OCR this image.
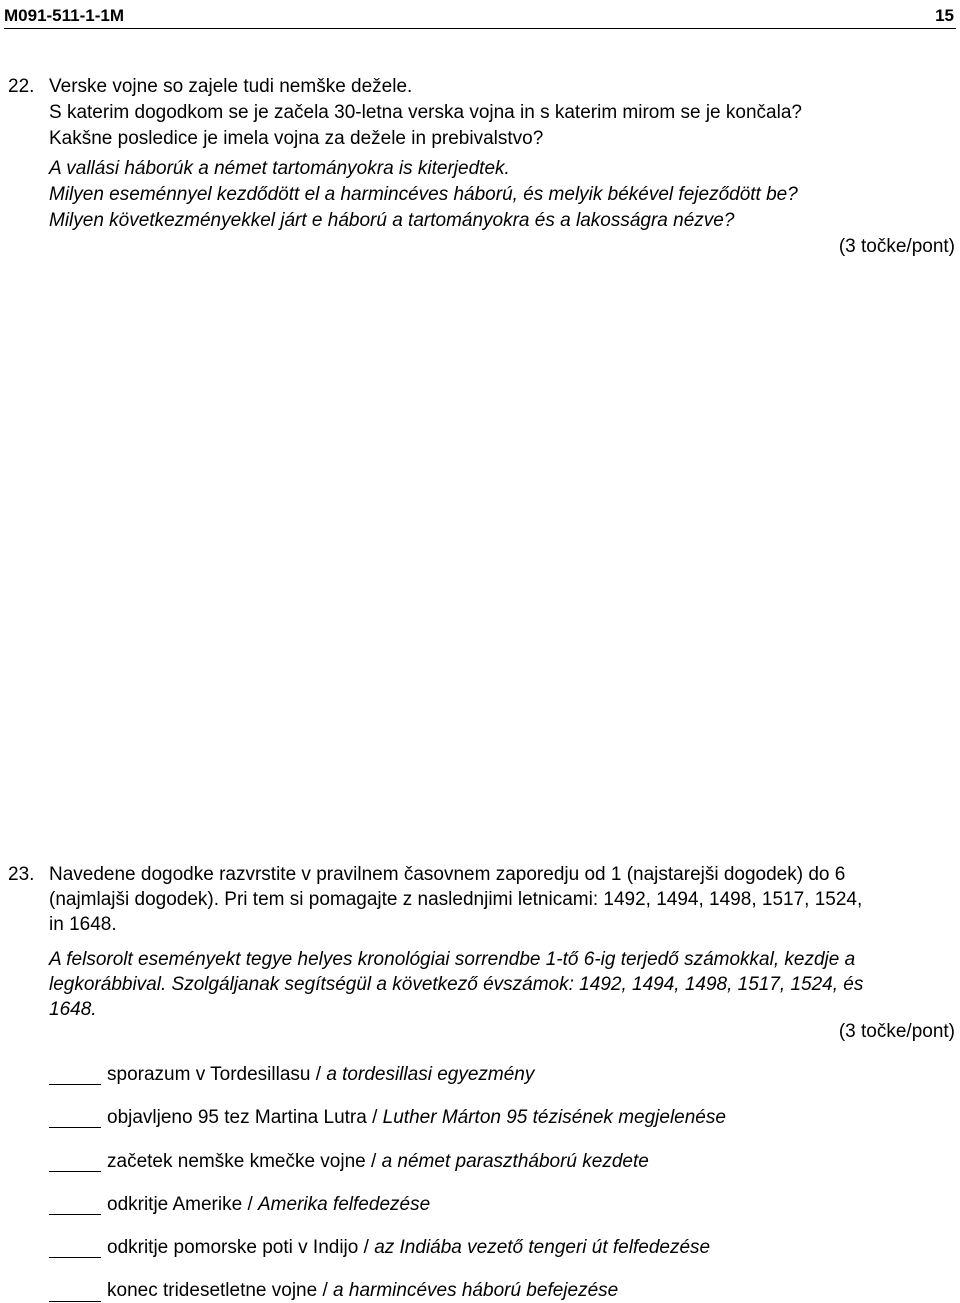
M091-511-1-1M	15
22. Verske vojne so zajele tudi nemške dežele.
S katerim dogodkom se je začela 30-letna verska vojna in s katerim mirom se je končala?
Kakšne posledice je imela vojna za dežele in prebivalstvo?
A vallási háborúk a német tartományokra is kiterjedtek.
Milyen eseménnyel kezdődött el a harmincéves háború, és melyik békével fejeződött be?
Milyen következményekkel járt e háború a tartományokra és a lakosságra nézve?
(3 točke/pont)
23. Navedene dogodke razvrstite v pravilnem časovnem zaporedju od 1 (najstarejši dogodek) do 6
(najmlajši dogodek). Pri tem si pomagajte z naslednjimi letnicami: 1492, 1494, 1498, 1517, 1524,
in 1648.
A felsorolt eseményekt tegye helyes kronológiai sorrendbe 1-tő 6-ig terjedő számokkal, kezdje a
legkorábbival. Szolgáljanak segítségül a következő évszámok: 1492, 1494, 1498, 1517, 1524, és
1648.
(3 točke/pont)
sporazum v Tordesillasu / a tordesillasi egyezmény
objavljeno 95 tez Martina Lutra / Luther Márton 95 tézisének megjelenése
začetek nemške kmečke vojne / a német parasztháború kezdete
odkritje Amerike / Amerika felfedezése
odkritje pomorske poti v Indijo / az Indiába vezető tengeri út felfedezése
konec tridesetletne vojne / a harmincéves háború befejezése
